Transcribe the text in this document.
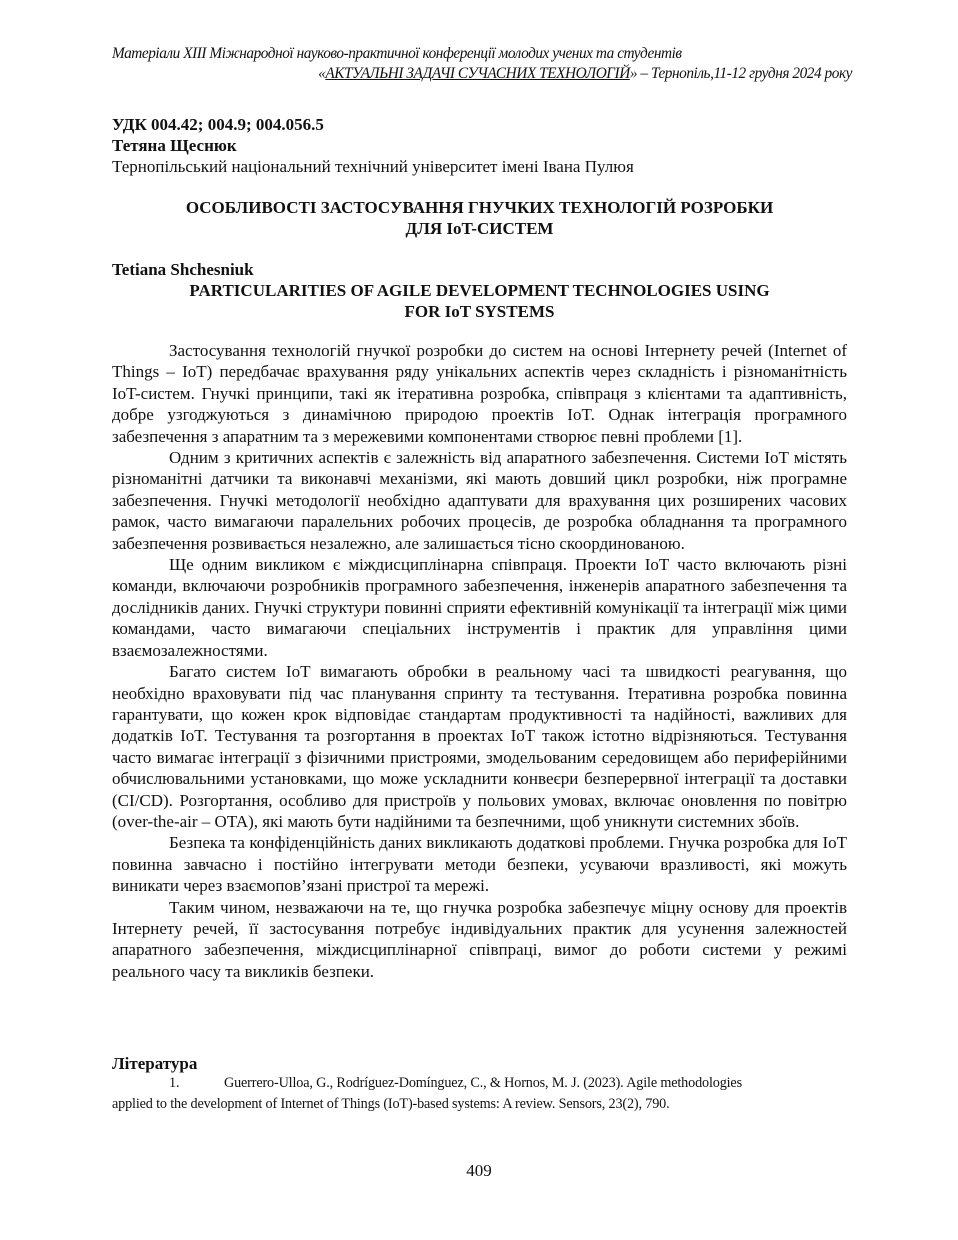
Матеріали XIII Міжнародної науково-практичної конференції молодих учених та студентів
«АКТУАЛЬНІ ЗАДАЧІ СУЧАСНИХ ТЕХНОЛОГІЙ» – Тернопіль,11-12 грудня 2024 року
УДК 004.42; 004.9; 004.056.5
Тетяна Щеснюк
Тернопільський національний технічний університет імені Івана Пулюя
ОСОБЛИВОСТІ ЗАСТОСУВАННЯ ГНУЧКИХ ТЕХНОЛОГІЙ РОЗРОБКИ
ДЛЯ IoT-СИСТЕМ
Tetiana Shchesniuk
PARTICULARITIES OF AGILE DEVELOPMENT TECHNOLOGIES USING
FOR IoT SYSTEMS

Застосування технологій гнучкої розробки до систем на основі Інтернету речей (Internet of Things – IoT) передбачає врахування ряду унікальних аспектів через складність і різноманітність IoT-систем. Гнучкі принципи, такі як ітеративна розробка, співпраця з клієнтами та адаптивність, добре узгоджуються з динамічною природою проектів IoT. Однак інтеграція програмного забезпечення з апаратним та з мережевими компонентами створює певні проблеми [1].

Одним з критичних аспектів є залежність від апаратного забезпечення. Системи IoT містять різноманітні датчики та виконавчі механізми, які мають довший цикл розробки, ніж програмне забезпечення. Гнучкі методології необхідно адаптувати для врахування цих розширених часових рамок, часто вимагаючи паралельних робочих процесів, де розробка обладнання та програмного забезпечення розвивається незалежно, але залишається тісно скоординованою.

Ще одним викликом є міждисциплінарна співпраця. Проекти IoT часто включають різні команди, включаючи розробників програмного забезпечення, інженерів апаратного забезпечення та дослідників даних. Гнучкі структури повинні сприяти ефективній комунікації та інтеграції між цими командами, часто вимагаючи спеціальних інструментів і практик для управління цими взаємозалежностями.

Багато систем IoT вимагають обробки в реальному часі та швидкості реагування, що необхідно враховувати під час планування спринту та тестування. Ітеративна розробка повинна гарантувати, що кожен крок відповідає стандартам продуктивності та надійності, важливих для додатків IoT. Тестування та розгортання в проектах IoT також істотно відрізняються. Тестування часто вимагає інтеграції з фізичними пристроями, змодельованим середовищем або периферійними обчислювальними установками, що може ускладнити конвеєри безперервної інтеграції та доставки (CI/CD). Розгортання, особливо для пристроїв у польових умовах, включає оновлення по повітрю (over-the-air – OTA), які мають бути надійними та безпечними, щоб уникнути системних збоїв.

Безпека та конфіденційність даних викликають додаткові проблеми. Гнучка розробка для IoT повинна завчасно і постійно інтегрувати методи безпеки, усуваючи вразливості, які можуть виникати через взаємопов’язані пристрої та мережі.

Таким чином, незважаючи на те, що гнучка розробка забезпечує міцну основу для проектів Інтернету речей, її застосування потребує індивідуальних практик для усунення залежностей апаратного забезпечення, міждисциплінарної співпраці, вимог до роботи системи у режимі реального часу та викликів безпеки.

Література
1.	Guerrero-Ulloa, G., Rodríguez-Domínguez, C., & Hornos, M. J. (2023). Agile methodologies
applied to the development of Internet of Things (IoT)-based systems: A review. Sensors, 23(2), 790.
409
